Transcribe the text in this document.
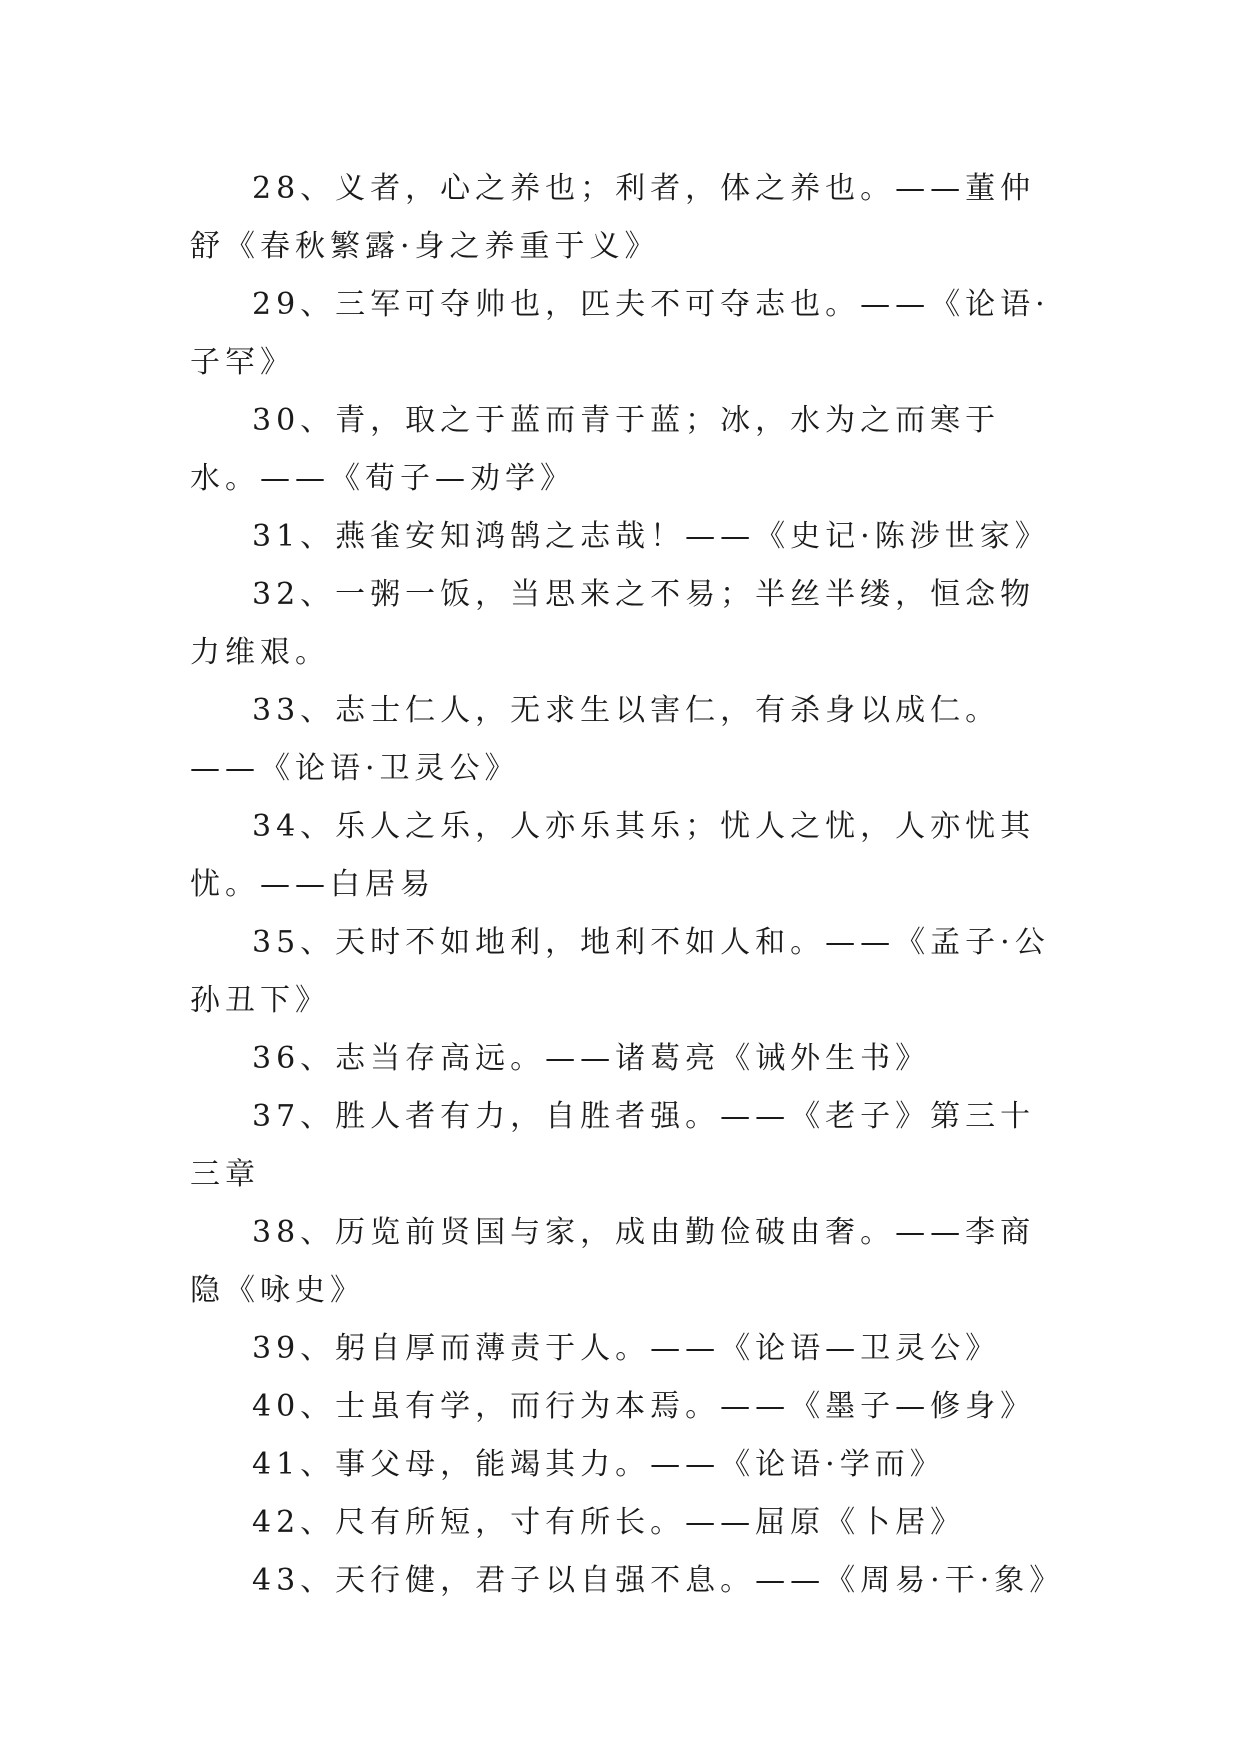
28、义者，心之养也；利者，体之养也。——董仲舒《春秋繁露·身之养重于义》
29、三军可夺帅也，匹夫不可夺志也。——《论语·子罕》
30、青，取之于蓝而青于蓝；冰，水为之而寒于水。——《荀子—劝学》
31、燕雀安知鸿鹄之志哉！——《史记·陈涉世家》
32、一粥一饭，当思来之不易；半丝半缕，恒念物力维艰。
33、志士仁人，无求生以害仁，有杀身以成仁。——《论语·卫灵公》
34、乐人之乐，人亦乐其乐；忧人之忧，人亦忧其忧。——白居易
35、天时不如地利，地利不如人和。——《孟子·公孙丑下》
36、志当存高远。——诸葛亮《诫外生书》
37、胜人者有力，自胜者强。——《老子》第三十三章
38、历览前贤国与家，成由勤俭破由奢。——李商隐《咏史》
39、躬自厚而薄责于人。——《论语—卫灵公》
40、士虽有学，而行为本焉。——《墨子—修身》
41、事父母，能竭其力。——《论语·学而》
42、尺有所短，寸有所长。——屈原《卜居》
43、天行健，君子以自强不息。——《周易·干·象》
